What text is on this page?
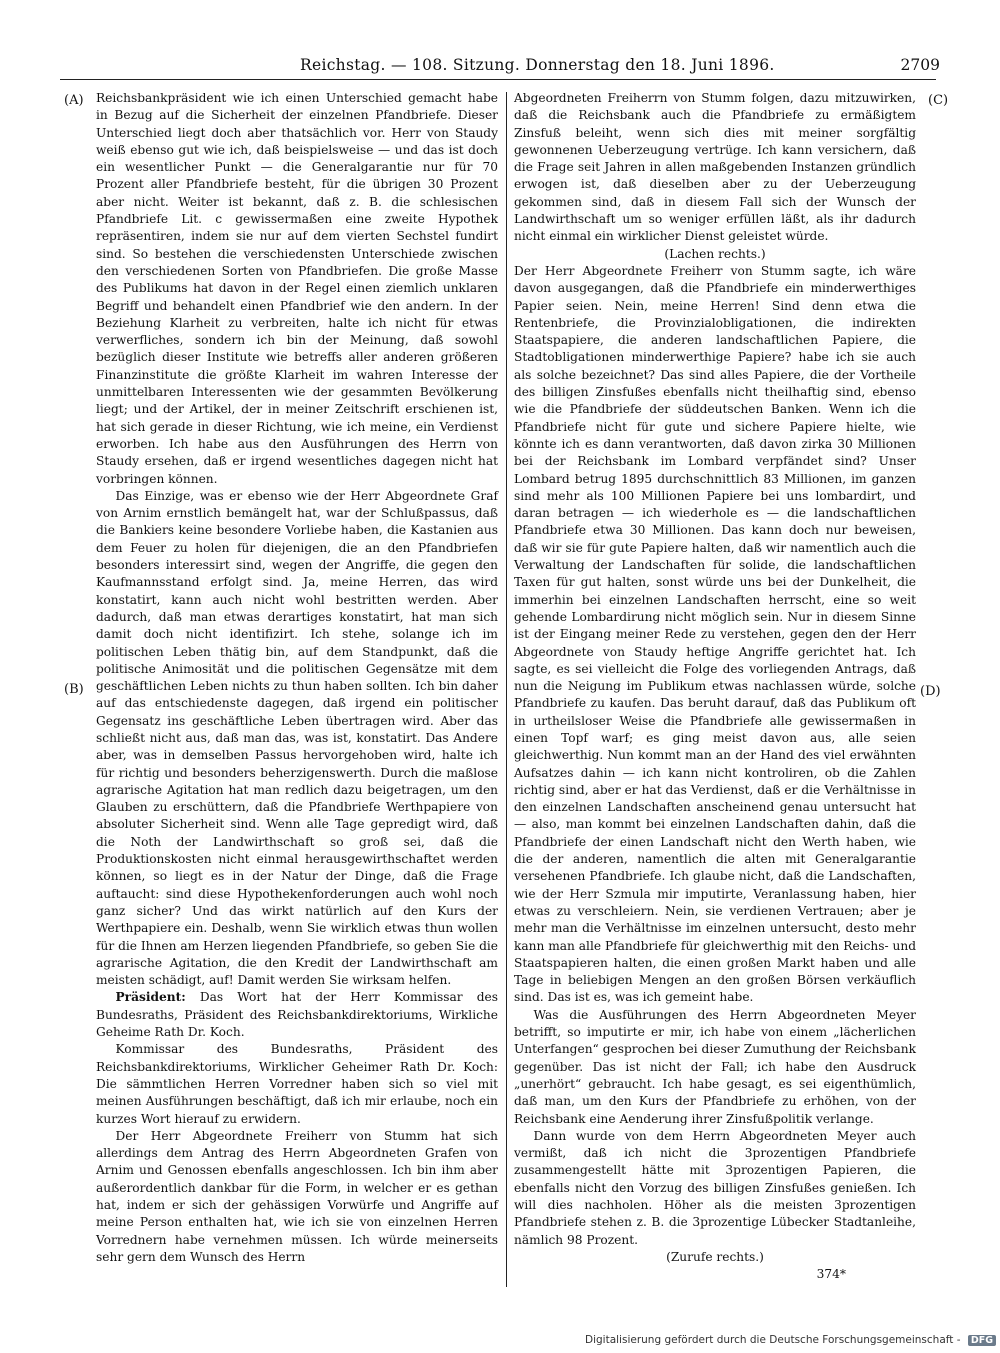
Reichstag. — 108. Sitzung. Donnerstag den 18. Juni 1896.	2709
(A)
(B)
(C)
(D)

Reichsbankpräsident wie ich einen Unterschied gemacht habe in Bezug auf die Sicherheit der einzelnen Pfandbriefe. Dieser Unterschied liegt doch aber thatsächlich vor. Herr von Staudy weiß ebenso gut wie ich, daß beispielsweise — und das ist doch ein wesentlicher Punkt — die Generalgarantie nur für 70 Prozent aller Pfandbriefe besteht, für die übrigen 30 Prozent aber nicht. Weiter ist bekannt, daß z. B. die schlesischen Pfandbriefe Lit. c gewissermaßen eine zweite Hypothek repräsentiren, indem sie nur auf dem vierten Sechstel fundirt sind. So bestehen die verschiedensten Unterschiede zwischen den verschiedenen Sorten von Pfandbriefen. Die große Masse des Publikums hat davon in der Regel einen ziemlich unklaren Begriff und behandelt einen Pfandbrief wie den andern. In der Beziehung Klarheit zu verbreiten, halte ich nicht für etwas verwerfliches, sondern ich bin der Meinung, daß sowohl bezüglich dieser Institute wie betreffs aller anderen größeren Finanzinstitute die größte Klarheit im wahren Interesse der unmittelbaren Interessenten wie der gesammten Bevölkerung liegt; und der Artikel, der in meiner Zeitschrift erschienen ist, hat sich gerade in dieser Richtung, wie ich meine, ein Verdienst erworben. Ich habe aus den Ausführungen des Herrn von Staudy ersehen, daß er irgend wesentliches dagegen nicht hat vorbringen können.

Das Einzige, was er ebenso wie der Herr Abgeordnete Graf von Arnim ernstlich bemängelt hat, war der Schlußpassus, daß die Bankiers keine besondere Vorliebe haben, die Kastanien aus dem Feuer zu holen für diejenigen, die an den Pfandbriefen besonders interessirt sind, wegen der Angriffe, die gegen den Kaufmannsstand erfolgt sind. Ja, meine Herren, das wird konstatirt, kann auch nicht wohl bestritten werden. Aber dadurch, daß man etwas derartiges konstatirt, hat man sich damit doch nicht identifizirt. Ich stehe, solange ich im politischen Leben thätig bin, auf dem Standpunkt, daß die politische Animosität und die politischen Gegensätze mit dem geschäftlichen Leben nichts zu thun haben sollten. Ich bin daher auf das entschiedenste dagegen, daß irgend ein politischer Gegensatz ins geschäftliche Leben übertragen wird. Aber das schließt nicht aus, daß man das, was ist, konstatirt. Das Andere aber, was in demselben Passus hervorgehoben wird, halte ich für richtig und besonders beherzigenswerth. Durch die maßlose agrarische Agitation hat man redlich dazu beigetragen, um den Glauben zu erschüttern, daß die Pfandbriefe Werthpapiere von absoluter Sicherheit sind. Wenn alle Tage gepredigt wird, daß die Noth der Landwirthschaft so groß sei, daß die Produktionskosten nicht einmal herausgewirthschaftet werden können, so liegt es in der Natur der Dinge, daß die Frage auftaucht: sind diese Hypothekenforderungen auch wohl noch ganz sicher? Und das wirkt natürlich auf den Kurs der Werthpapiere ein. Deshalb, wenn Sie wirklich etwas thun wollen für die Ihnen am Herzen liegenden Pfandbriefe, so geben Sie die agrarische Agitation, die den Kredit der Landwirthschaft am meisten schädigt, auf! Damit werden Sie wirksam helfen.

Präsident: Das Wort hat der Herr Kommissar des Bundesraths, Präsident des Reichsbankdirektoriums, Wirkliche Geheime Rath Dr. Koch.

Kommissar des Bundesraths, Präsident des Reichsbankdirektoriums, Wirklicher Geheimer Rath Dr. Koch: Die sämmtlichen Herren Vorredner haben sich so viel mit meinen Ausführungen beschäftigt, daß ich mir erlaube, noch ein kurzes Wort hierauf zu erwidern.

Der Herr Abgeordnete Freiherr von Stumm hat sich allerdings dem Antrag des Herrn Abgeordneten Grafen von Arnim und Genossen ebenfalls angeschlossen. Ich bin ihm aber außerordentlich dankbar für die Form, in welcher er es gethan hat, indem er sich der gehässigen Vorwürfe und Angriffe auf meine Person enthalten hat, wie ich sie von einzelnen Herren Vorrednern habe vernehmen müssen. Ich würde meinerseits sehr gern dem Wunsch des Herrn

Abgeordneten Freiherrn von Stumm folgen, dazu mitzuwirken, daß die Reichsbank auch die Pfandbriefe zu ermäßigtem Zinsfuß beleiht, wenn sich dies mit meiner sorgfältig gewonnenen Ueberzeugung vertrüge. Ich kann versichern, daß die Frage seit Jahren in allen maßgebenden Instanzen gründlich erwogen ist, daß dieselben aber zu der Ueberzeugung gekommen sind, daß in diesem Fall sich der Wunsch der Landwirthschaft um so weniger erfüllen läßt, als ihr dadurch nicht einmal ein wirklicher Dienst geleistet würde.

(Lachen rechts.)

Der Herr Abgeordnete Freiherr von Stumm sagte, ich wäre davon ausgegangen, daß die Pfandbriefe ein minderwerthiges Papier seien. Nein, meine Herren! Sind denn etwa die Rentenbriefe, die Provinzialobligationen, die indirekten Staatspapiere, die anderen landschaftlichen Papiere, die Stadtobligationen minderwerthige Papiere? habe ich sie auch als solche bezeichnet? Das sind alles Papiere, die der Vortheile des billigen Zinsfußes ebenfalls nicht theilhaftig sind, ebenso wie die Pfandbriefe der süddeutschen Banken. Wenn ich die Pfandbriefe nicht für gute und sichere Papiere hielte, wie könnte ich es dann verantworten, daß davon zirka 30 Millionen bei der Reichsbank im Lombard verpfändet sind? Unser Lombard betrug 1895 durchschnittlich 83 Millionen, im ganzen sind mehr als 100 Millionen Papiere bei uns lombardirt, und daran betragen — ich wiederhole es — die landschaftlichen Pfandbriefe etwa 30 Millionen. Das kann doch nur beweisen, daß wir sie für gute Papiere halten, daß wir namentlich auch die Verwaltung der Landschaften für solide, die landschaftlichen Taxen für gut halten, sonst würde uns bei der Dunkelheit, die immerhin bei einzelnen Landschaften herrscht, eine so weit gehende Lombardirung nicht möglich sein. Nur in diesem Sinne ist der Eingang meiner Rede zu verstehen, gegen den der Herr Abgeordnete von Staudy heftige Angriffe gerichtet hat. Ich sagte, es sei vielleicht die Folge des vorliegenden Antrags, daß nun die Neigung im Publikum etwas nachlassen würde, solche Pfandbriefe zu kaufen. Das beruht darauf, daß das Publikum oft in urtheilsloser Weise die Pfandbriefe alle gewissermaßen in einen Topf warf; es ging meist davon aus, alle seien gleichwerthig. Nun kommt man an der Hand des viel erwähnten Aufsatzes dahin — ich kann nicht kontroliren, ob die Zahlen richtig sind, aber er hat das Verdienst, daß er die Verhältnisse in den einzelnen Landschaften anscheinend genau untersucht hat — also, man kommt bei einzelnen Landschaften dahin, daß die Pfandbriefe der einen Landschaft nicht den Werth haben, wie die der anderen, namentlich die alten mit Generalgarantie versehenen Pfandbriefe. Ich glaube nicht, daß die Landschaften, wie der Herr Szmula mir imputirte, Veranlassung haben, hier etwas zu verschleiern. Nein, sie verdienen Vertrauen; aber je mehr man die Verhältnisse im einzelnen untersucht, desto mehr kann man alle Pfandbriefe für gleichwerthig mit den Reichs- und Staatspapieren halten, die einen großen Markt haben und alle Tage in beliebigen Mengen an den großen Börsen verkäuflich sind. Das ist es, was ich gemeint habe.

Was die Ausführungen des Herrn Abgeordneten Meyer betrifft, so imputirte er mir, ich habe von einem „lächerlichen Unterfangen“ gesprochen bei dieser Zumuthung der Reichsbank gegenüber. Das ist nicht der Fall; ich habe den Ausdruck „unerhört“ gebraucht. Ich habe gesagt, es sei eigenthümlich, daß man, um den Kurs der Pfandbriefe zu erhöhen, von der Reichsbank eine Aenderung ihrer Zinsfußpolitik verlange.

Dann wurde von dem Herrn Abgeordneten Meyer auch vermißt, daß ich nicht die 3prozentigen Pfandbriefe zusammengestellt hätte mit 3prozentigen Papieren, die ebenfalls nicht den Vorzug des billigen Zinsfußes genießen. Ich will dies nachholen. Höher als die meisten 3prozentigen Pfandbriefe stehen z. B. die 3prozentige Lübecker Stadtanleihe, nämlich 98 Prozent.

(Zurufe rechts.)

374*

Digitalisierung gefördert durch die Deutsche Forschungsgemeinschaft - DFG
